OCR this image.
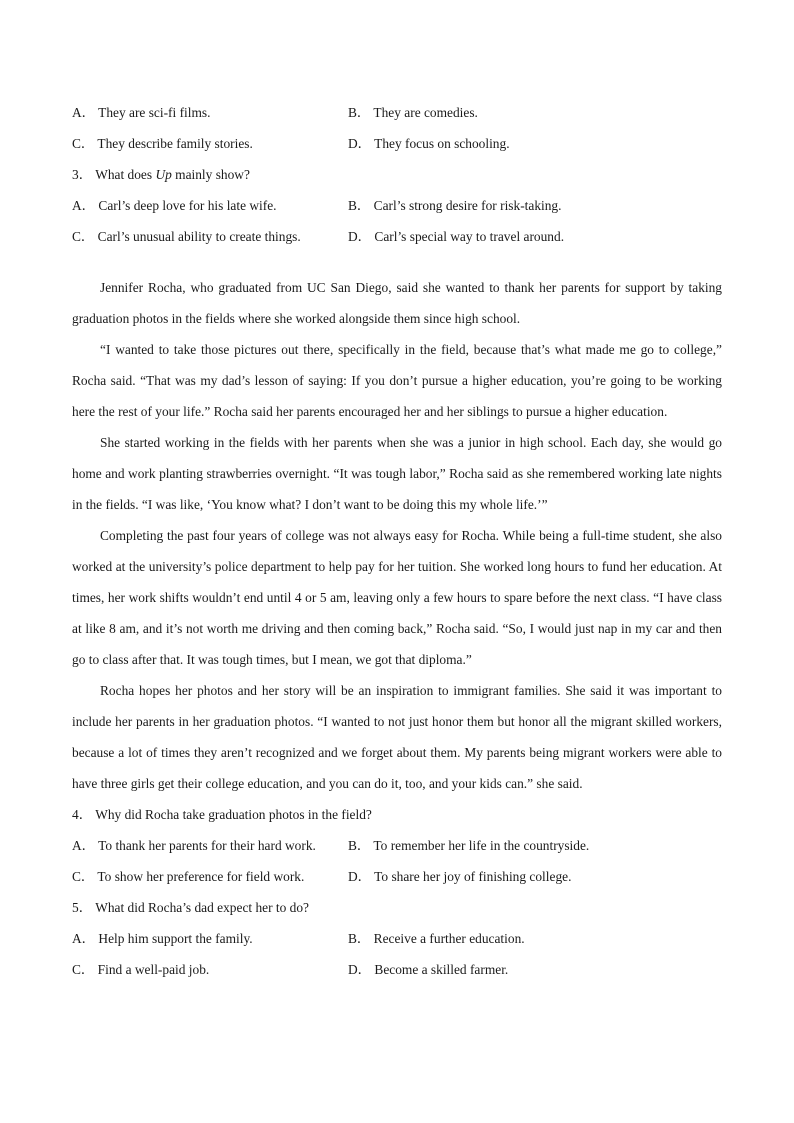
A． They are sci-fi films.	B． They are comedies.
C． They describe family stories.	D． They focus on schooling.
3． What does Up mainly show?
A． Carl’s deep love for his late wife.	B． Carl’s strong desire for risk-taking.
C． Carl’s unusual ability to create things.	D． Carl’s special way to travel around.

Jennifer Rocha, who graduated from UC San Diego, said she wanted to thank her parents for support by taking graduation photos in the fields where she worked alongside them since high school.

“I wanted to take those pictures out there, specifically in the field, because that’s what made me go to college,” Rocha said. “That was my dad’s lesson of saying: If you don’t pursue a higher education, you’re going to be working here the rest of your life.” Rocha said her parents encouraged her and her siblings to pursue a higher education.

She started working in the fields with her parents when she was a junior in high school. Each day, she would go home and work planting strawberries overnight. “It was tough labor,” Rocha said as she remembered working late nights in the fields. “I was like, ‘You know what? I don’t want to be doing this my whole life.’”

Completing the past four years of college was not always easy for Rocha. While being a full-time student, she also worked at the university’s police department to help pay for her tuition. She worked long hours to fund her education. At times, her work shifts wouldn’t end until 4 or 5 am, leaving only a few hours to spare before the next class. “I have class at like 8 am, and it’s not worth me driving and then coming back,” Rocha said. “So, I would just nap in my car and then go to class after that. It was tough times, but I mean, we got that diploma.”

Rocha hopes her photos and her story will be an inspiration to immigrant families. She said it was important to include her parents in her graduation photos. “I wanted to not just honor them but honor all the migrant skilled workers, because a lot of times they aren’t recognized and we forget about them. My parents being migrant workers were able to have three girls get their college education, and you can do it, too, and your kids can.” she said.

4． Why did Rocha take graduation photos in the field?
A． To thank her parents for their hard work.	B． To remember her life in the countryside.
C． To show her preference for field work.	D． To share her joy of finishing college.
5． What did Rocha’s dad expect her to do?
A． Help him support the family.	B． Receive a further education.
C． Find a well-paid job.	D． Become a skilled farmer.
